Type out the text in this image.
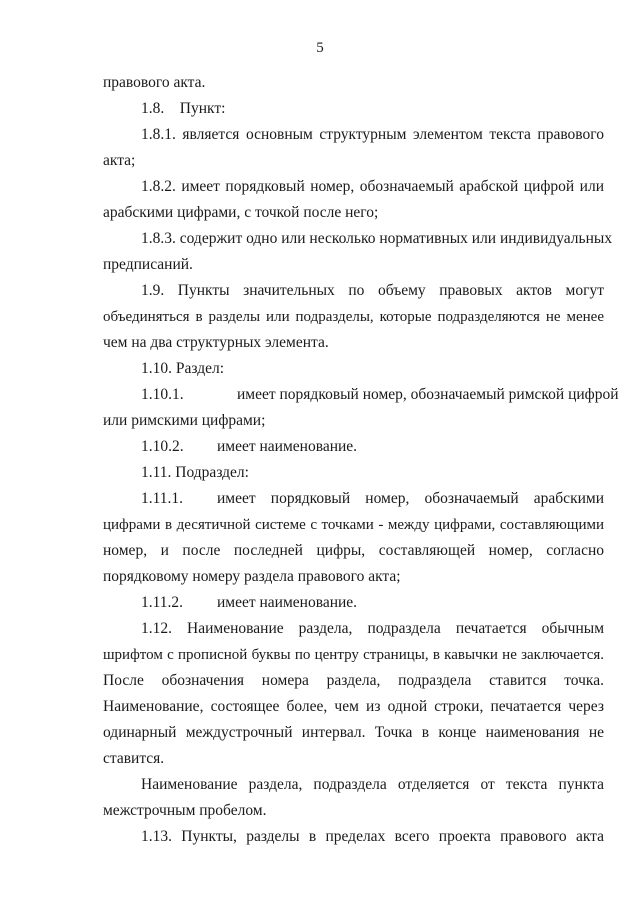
5
правового акта.
1.8.    Пункт:
1.8.1. является основным структурным элементом текста правового
акта;
1.8.2. имеет порядковый номер, обозначаемый арабской цифрой или
арабскими цифрами, с точкой после него;
1.8.3. содержит одно или несколько нормативных или индивидуальных
предписаний.
1.9. Пункты значительных по объему правовых актов могут
объединяться в разделы или подразделы, которые подразделяются не менее
чем на два структурных элемента.
1.10. Раздел:
1.10.1.	имеет порядковый номер, обозначаемый римской цифрой
или римскими цифрами;
1.10.2. имеет наименование.
1.11. Подраздел:
1.11.1. имеет порядковый номер, обозначаемый арабскими
цифрами в десятичной системе с точками - между цифрами, составляющими
номер, и после последней цифры, составляющей номер, согласно
порядковому номеру раздела правового акта;
1.11.2. имеет наименование.
1.12. Наименование раздела, подраздела печатается обычным
шрифтом с прописной буквы по центру страницы, в кавычки не заключается.
После обозначения номера раздела, подраздела ставится точка.
Наименование, состоящее более, чем из одной строки, печатается через
одинарный междустрочный интервал. Точка в конце наименования не
ставится.
Наименование раздела, подраздела отделяется от текста пункта
межстрочным пробелом.
1.13. Пункты, разделы в пределах всего проекта правового акта
